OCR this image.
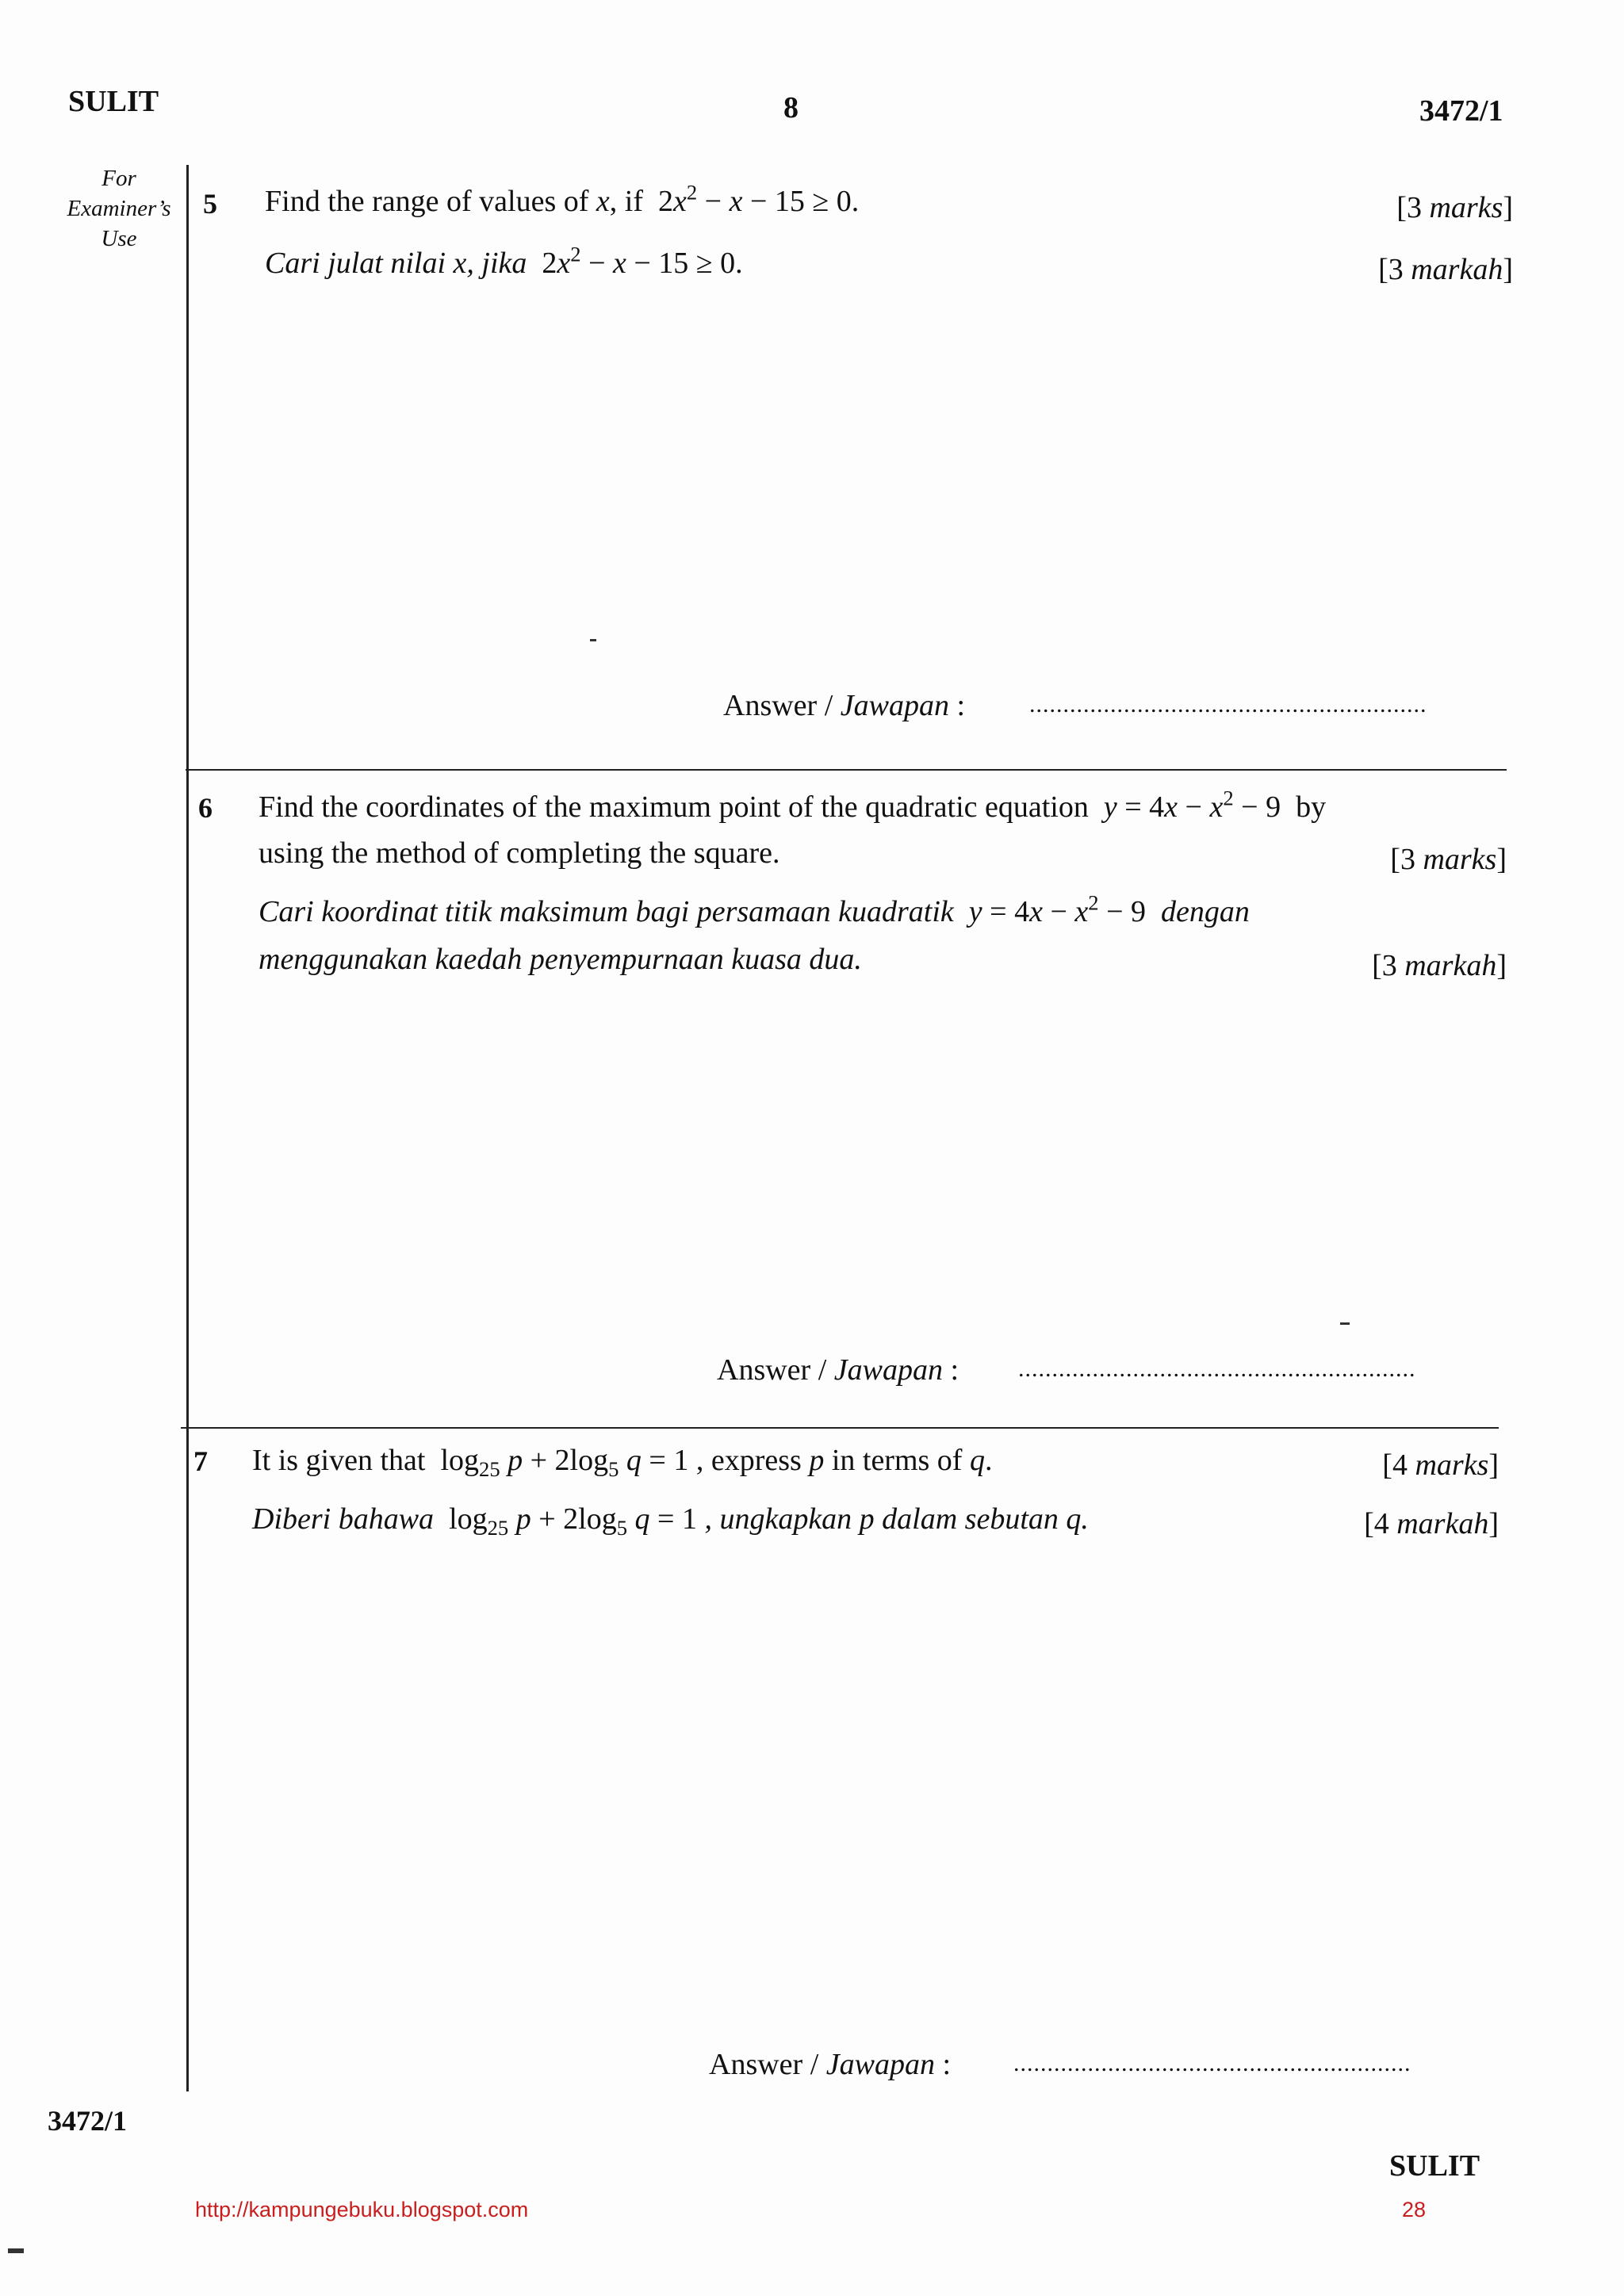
SULIT	8	3472/1
For
Examiner’s
Use
5 Find the range of values of x, if  $2x^2 - x - 15 \ge 0$.	[3 marks]
Cari julat nilai x, jika  $2x^2 - x - 15 \ge 0$.	[3 markah]
Answer / Jawapan :	...........................................................
6 Find the coordinates of the maximum point of the quadratic equation  $y = 4x - x^2 - 9$  by
using the method of completing the square.	[3 marks]
Cari koordinat titik maksimum bagi persamaan kuadratik  $y = 4x - x^2 - 9$  dengan
menggunakan kaedah penyempurnaan kuasa dua.	[3 markah]
Answer / Jawapan : ...........................................................
7 It is given that  $\log_{25} p + 2\log_5$ q = 1 , express p in terms of q.	[4 marks]
Diberi bahawa  $\log_{25} p + 2\log_5$ q = 1 , ungkapkan p dalam sebutan q.	[4 markah]
Answer / Jawapan :	...........................................................
3472/1
SULIT
http://kampungebuku.blogspot.com	28
